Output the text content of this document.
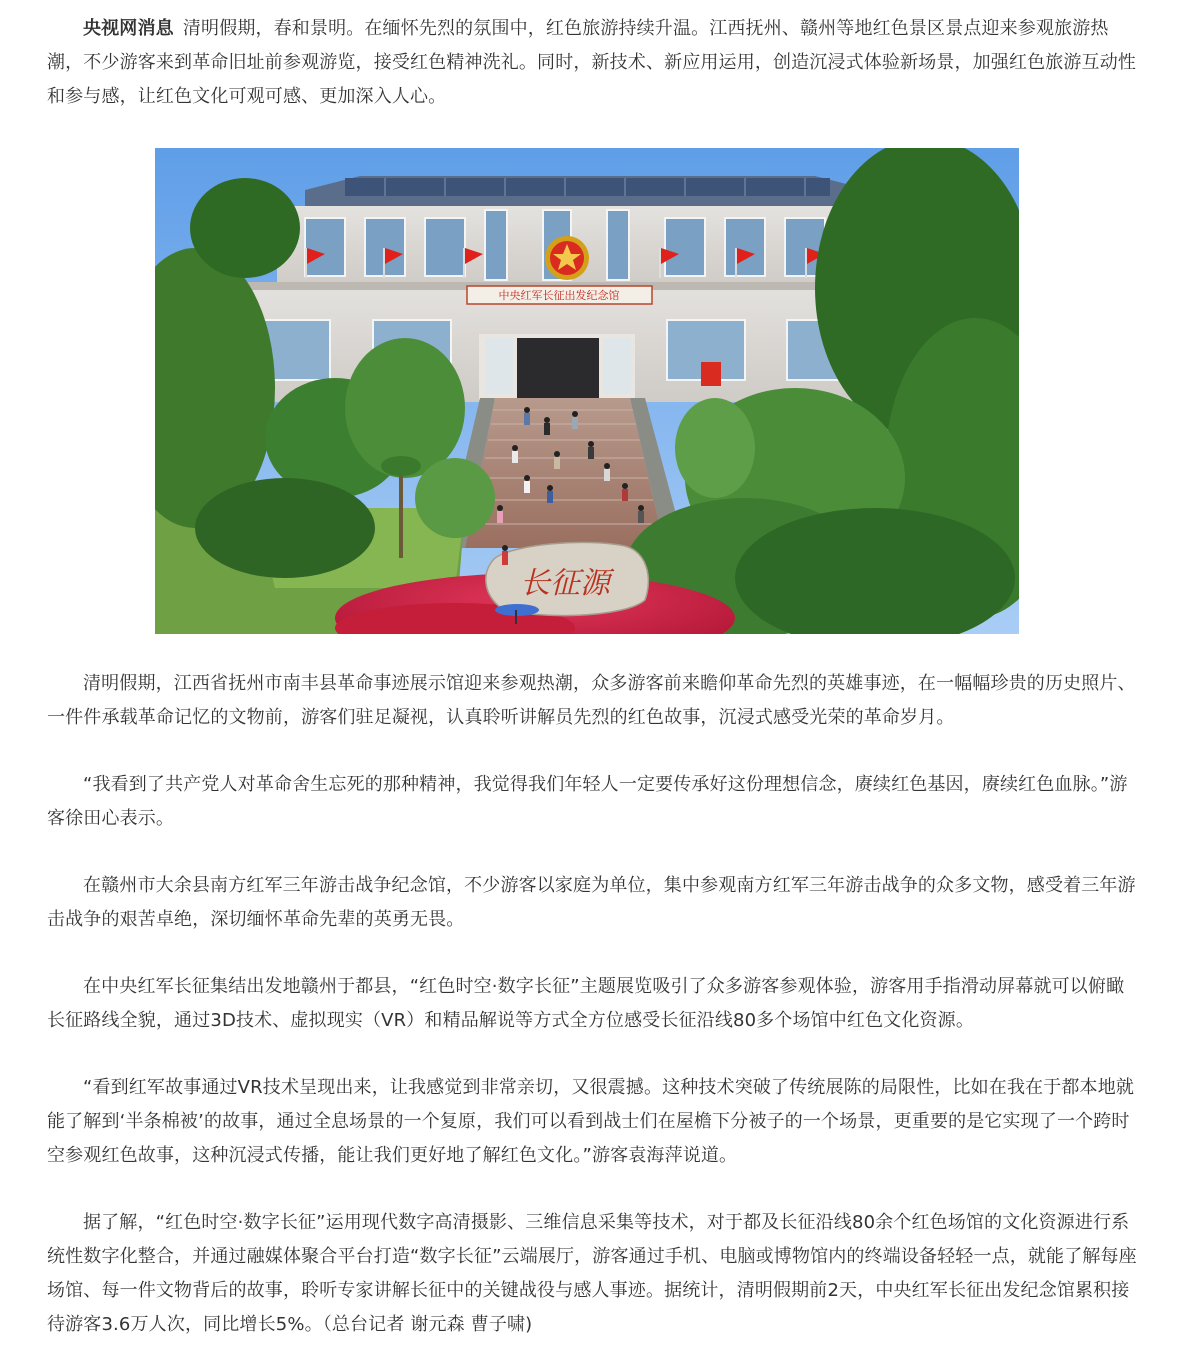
央视网消息  清明假期，春和景明。在缅怀先烈的氛围中，红色旅游持续升温。江西抚州、赣州等地红色景区景点迎来参观旅游热潮，不少游客来到革命旧址前参观游览，接受红色精神洗礼。同时，新技术、新应用运用，创造沉浸式体验新场景，加强红色旅游互动性和参与感，让红色文化可观可感、更加深入人心。

中央红军长征出发纪念馆
长征源

清明假期，江西省抚州市南丰县革命事迹展示馆迎来参观热潮，众多游客前来瞻仰革命先烈的英雄事迹，在一幅幅珍贵的历史照片、一件件承载革命记忆的文物前，游客们驻足凝视，认真聆听讲解员先烈的红色故事，沉浸式感受光荣的革命岁月。

“我看到了共产党人对革命舍生忘死的那种精神，我觉得我们年轻人一定要传承好这份理想信念，赓续红色基因，赓续红色血脉。”游客徐田心表示。

在赣州市大余县南方红军三年游击战争纪念馆，不少游客以家庭为单位，集中参观南方红军三年游击战争的众多文物，感受着三年游击战争的艰苦卓绝，深切缅怀革命先辈的英勇无畏。

在中央红军长征集结出发地赣州于都县，“红色时空·数字长征”主题展览吸引了众多游客参观体验，游客用手指滑动屏幕就可以俯瞰长征路线全貌，通过3D技术、虚拟现实（VR）和精品解说等方式全方位感受长征沿线80多个场馆中红色文化资源。

“看到红军故事通过VR技术呈现出来，让我感觉到非常亲切，又很震撼。这种技术突破了传统展陈的局限性，比如在我在于都本地就能了解到‘半条棉被’的故事，通过全息场景的一个复原，我们可以看到战士们在屋檐下分被子的一个场景，更重要的是它实现了一个跨时空参观红色故事，这种沉浸式传播，能让我们更好地了解红色文化。”游客袁海萍说道。

据了解，“红色时空·数字长征”运用现代数字高清摄影、三维信息采集等技术，对于都及长征沿线80余个红色场馆的文化资源进行系统性数字化整合，并通过融媒体聚合平台打造“数字长征”云端展厅，游客通过手机、电脑或博物馆内的终端设备轻轻一点，就能了解每座场馆、每一件文物背后的故事，聆听专家讲解长征中的关键战役与感人事迹。据统计，清明假期前2天，中央红军长征出发纪念馆累积接待游客3.6万人次，同比增长5%。（总台记者 谢元森 曹子啸)
